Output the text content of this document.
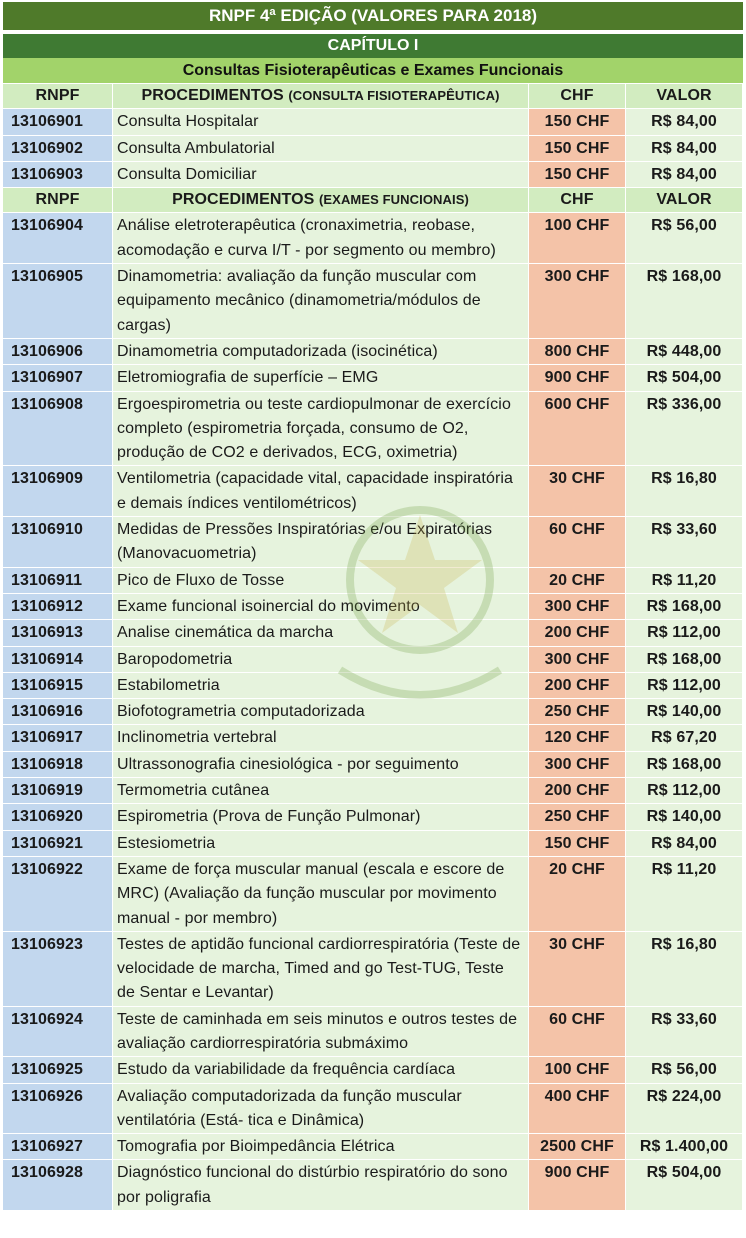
RNPF 4ª EDIÇÃO (VALORES PARA 2018)
CAPÍTULO I
Consultas Fisioterapêuticas e Exames Funcionais
RNPF	PROCEDIMENTOS (CONSULTA FISIOTERAPÊUTICA)	CHF	VALOR
13106901	Consulta Hospitalar	150 CHF	R$ 84,00
13106902	Consulta Ambulatorial	150 CHF	R$ 84,00
13106903	Consulta Domiciliar	150 CHF	R$ 84,00
RNPF	PROCEDIMENTOS (EXAMES FUNCIONAIS)	CHF	VALOR
13106904	Análise eletroterapêutica (cronaximetria, reobase, acomodação e curva I/T - por segmento ou membro)	100 CHF	R$ 56,00
13106905	Dinamometria: avaliação da função muscular com equipamento mecânico (dinamometria/módulos de cargas)	300 CHF	R$ 168,00
13106906	Dinamometria computadorizada (isocinética)	800 CHF	R$ 448,00
13106907	Eletromiografia de superfície – EMG	900 CHF	R$ 504,00
13106908	Ergoespirometria ou teste cardiopulmonar de exercício completo (espirometria forçada, consumo de O2, produção de CO2 e derivados, ECG, oximetria)	600 CHF	R$ 336,00
13106909	Ventilometria (capacidade vital, capacidade inspiratória e demais índices ventilométricos)	30 CHF	R$ 16,80
13106910	Medidas de Pressões Inspiratórias e/ou Expiratórias (Manovacuometria)	60 CHF	R$ 33,60
13106911	Pico de Fluxo de Tosse	20 CHF	R$ 11,20
13106912	Exame funcional isoinercial do movimento	300 CHF	R$ 168,00
13106913	Analise cinemática da marcha	200 CHF	R$ 112,00
13106914	Baropodometria	300 CHF	R$ 168,00
13106915	Estabilometria	200 CHF	R$ 112,00
13106916	Biofotogrametria computadorizada	250 CHF	R$ 140,00
13106917	Inclinometria vertebral	120 CHF	R$ 67,20
13106918	Ultrassonografia cinesiológica - por seguimento	300 CHF	R$ 168,00
13106919	Termometria cutânea	200 CHF	R$ 112,00
13106920	Espirometria (Prova de Função Pulmonar)	250 CHF	R$ 140,00
13106921	Estesiometria	150 CHF	R$ 84,00
13106922	Exame de força muscular manual (escala e escore de MRC) (Avaliação da função muscular por movimento manual - por membro)	20 CHF	R$ 11,20
13106923	Testes de aptidão funcional cardiorrespiratória (Teste de velocidade de marcha, Timed and go Test-TUG, Teste de Sentar e Levantar)	30 CHF	R$ 16,80
13106924	Teste de caminhada em seis minutos e outros testes de avaliação cardiorrespiratória submáximo	60 CHF	R$ 33,60
13106925	Estudo da variabilidade da frequência cardíaca	100 CHF	R$ 56,00
13106926	Avaliação computadorizada da função muscular ventilatória (Está- tica e Dinâmica)	400 CHF	R$ 224,00
13106927	Tomografia por Bioimpedância Elétrica	2500 CHF	R$ 1.400,00
13106928	Diagnóstico funcional do distúrbio respiratório do sono por poligrafia	900 CHF	R$ 504,00
